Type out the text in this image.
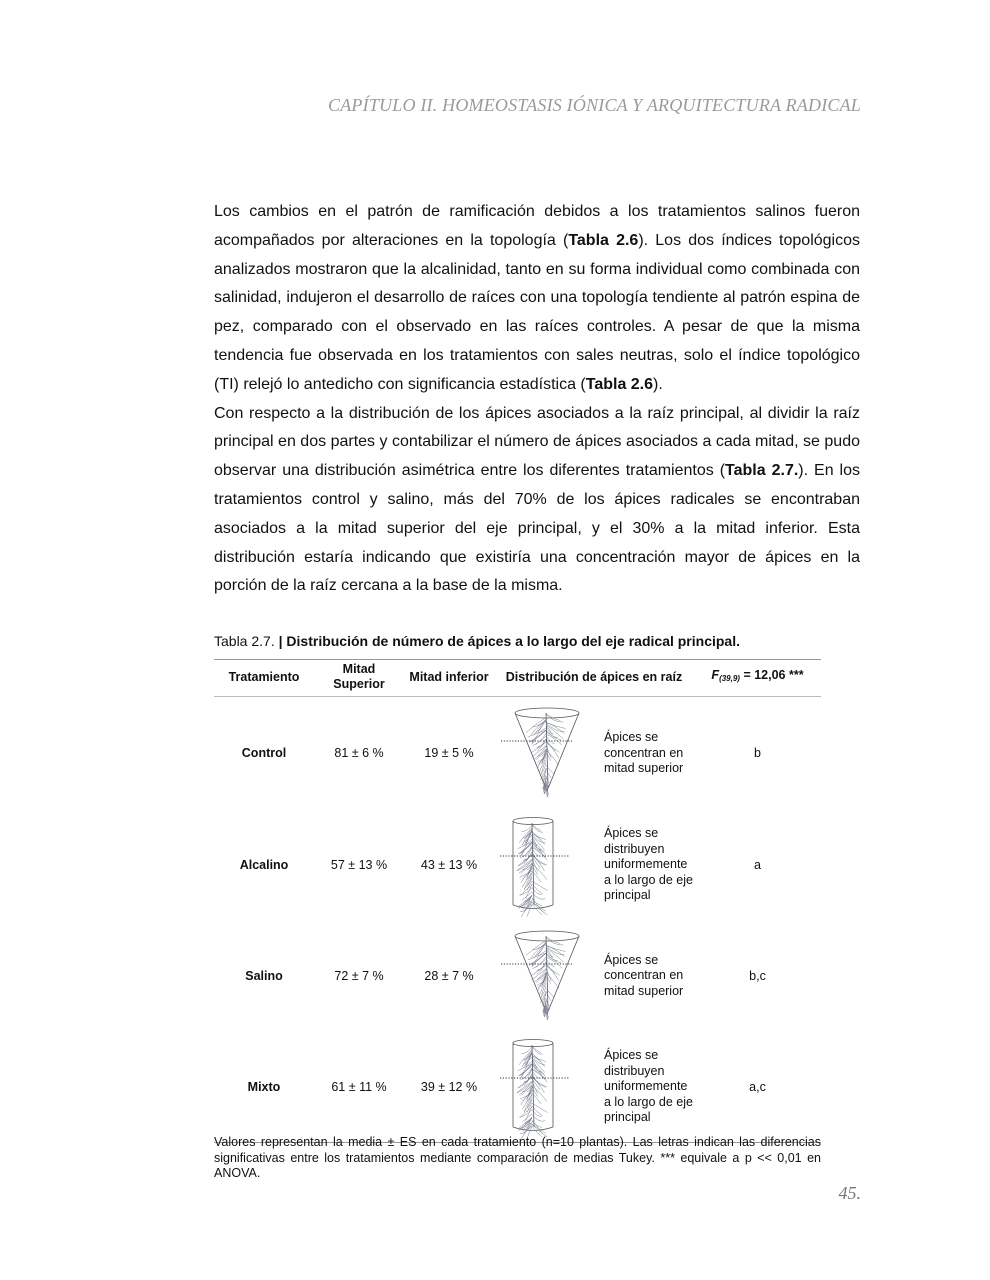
CAPÍTULO II. HOMEOSTASIS IÓNICA Y ARQUITECTURA RADICAL

Los cambios en el patrón de ramificación debidos a los tratamientos salinos fueron acompañados por alteraciones en la topología (Tabla 2.6). Los dos índices topológicos analizados mostraron que la alcalinidad, tanto en su forma individual como combinada con salinidad, indujeron el desarrollo de raíces con una topología tendiente al patrón espina de pez, comparado con el observado en las raíces controles. A pesar de que la misma tendencia fue observada en los tratamientos con sales neutras, solo el índice topológico (TI) relejó lo antedicho con significancia estadística (Tabla 2.6).

Con respecto a la distribución de los ápices asociados a la raíz principal, al dividir la raíz principal en dos partes y contabilizar el número de ápices asociados a cada mitad, se pudo observar una distribución asimétrica entre los diferentes tratamientos (Tabla 2.7.). En los tratamientos control y salino, más del 70% de los ápices radicales se encontraban asociados a la mitad superior del eje principal, y el 30% a la mitad inferior. Esta distribución estaría indicando que existiría una concentración mayor de ápices en la porción de la raíz cercana a la base de la misma.

Tabla 2.7. | Distribución de número de ápices a lo largo del eje radical principal.
Tratamiento	Mitad Superior	Mitad inferior	Distribución de ápices en raíz		$F_{(39,9)} = 12,06$ ***
Control	81 ± 6 %	19 ± 5 %		Ápices se concentran en mitad superior	b
Alcalino	57 ± 13 %	43 ± 13 %		Ápices se distribuyen uniformemente a lo largo de eje principal	a
Salino	72 ± 7 %	28 ± 7 %		Ápices se concentran en mitad superior	b,c
Mixto	61 ± 11 %	39 ± 12 %		Ápices se distribuyen uniformemente a lo largo de eje principal	a,c
Valores representan la media ± ES en cada tratamiento (n=10 plantas). Las letras indican las diferencias significativas entre los tratamientos mediante comparación de medias Tukey. *** equivale a p << 0,01 en ANOVA.
45.
